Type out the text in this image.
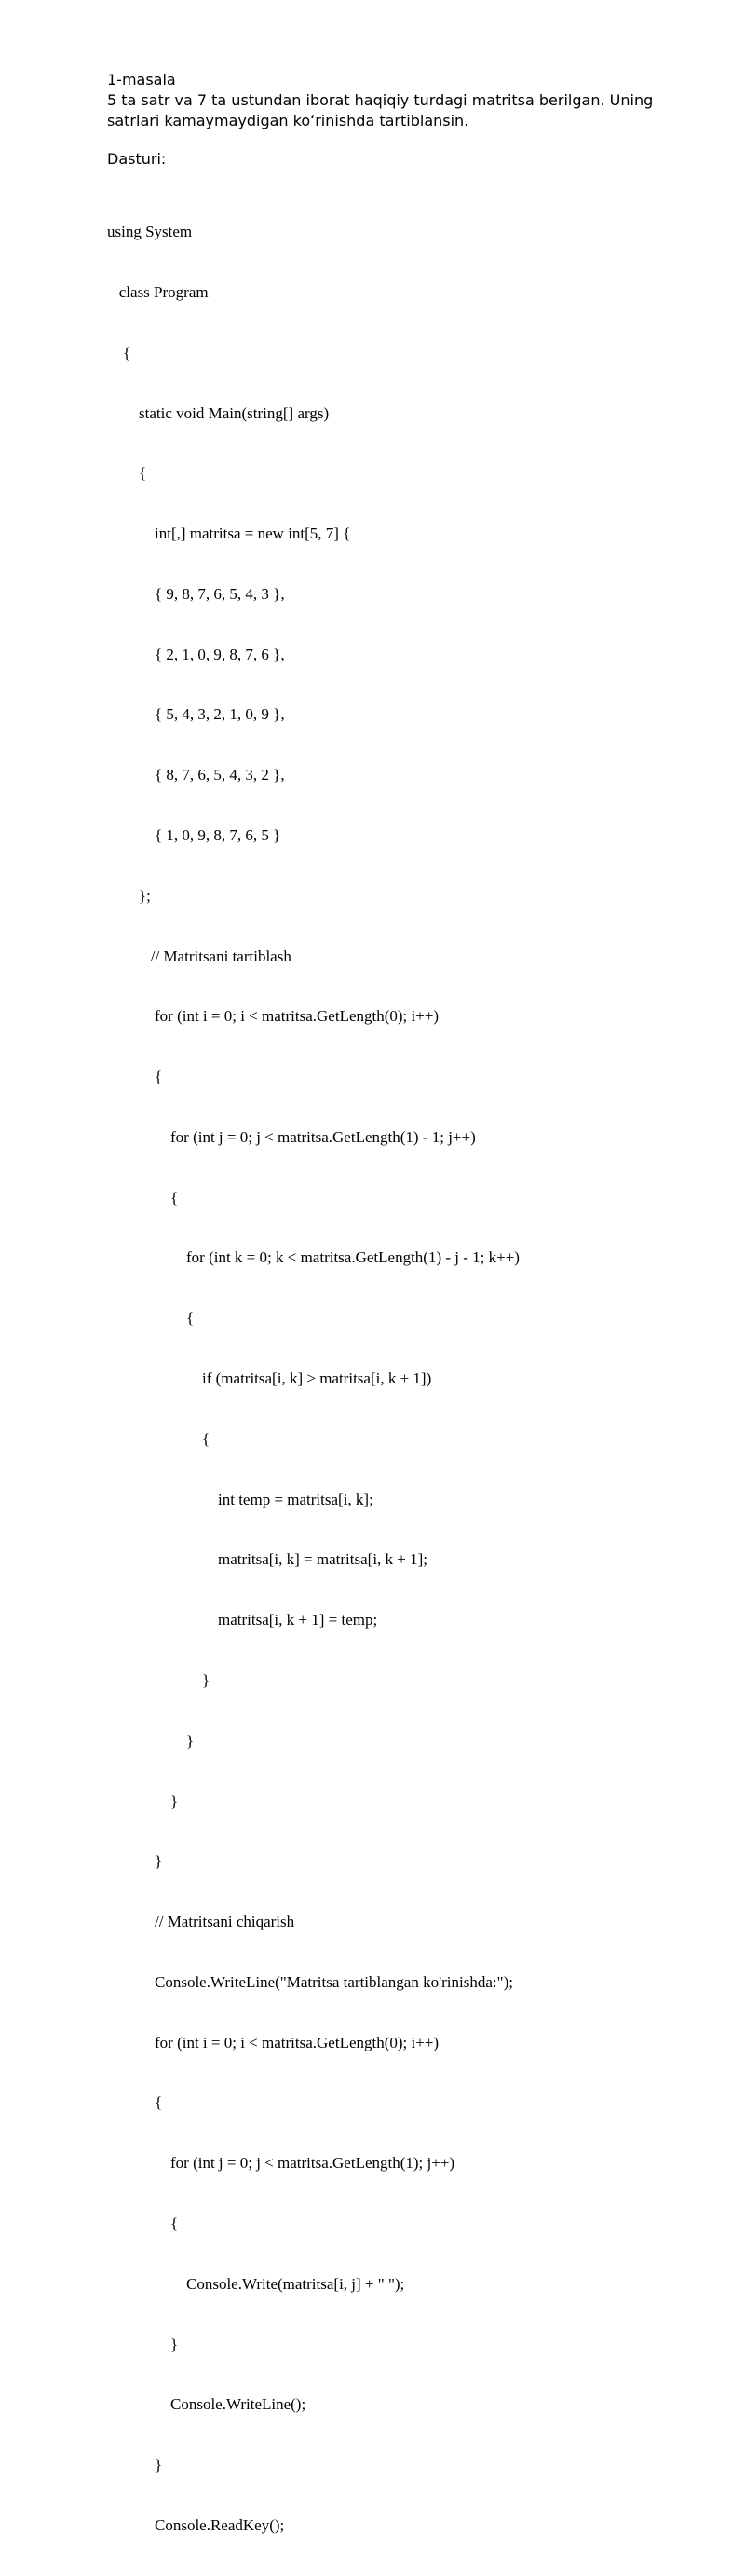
1-masala

5 ta satr va 7 ta ustundan iborat haqiqiy turdagi matritsa berilgan. Uning satrlari kamaymaydigan koʻrinishda tartiblansin.

Dasturi:

using System

class Program

{

static void Main(string[] args)

{

int[,] matritsa = new int[5, 7] {

{ 9, 8, 7, 6, 5, 4, 3 },

{ 2, 1, 0, 9, 8, 7, 6 },

{ 5, 4, 3, 2, 1, 0, 9 },

{ 8, 7, 6, 5, 4, 3, 2 },

{ 1, 0, 9, 8, 7, 6, 5 }

};

// Matritsani tartiblash

for (int i = 0; i < matritsa.GetLength(0); i++)

{

for (int j = 0; j < matritsa.GetLength(1) - 1; j++)

{

for (int k = 0; k < matritsa.GetLength(1) - j - 1; k++)

{

if (matritsa[i, k] > matritsa[i, k + 1])

{

int temp = matritsa[i, k];

matritsa[i, k] = matritsa[i, k + 1];

matritsa[i, k + 1] = temp;

}

}

}

}

// Matritsani chiqarish

Console.WriteLine("Matritsa tartiblangan ko'rinishda:");

for (int i = 0; i < matritsa.GetLength(0); i++)

{

for (int j = 0; j < matritsa.GetLength(1); j++)

{

Console.Write(matritsa[i, j] + " ");

}

Console.WriteLine();

}

Console.ReadKey();
